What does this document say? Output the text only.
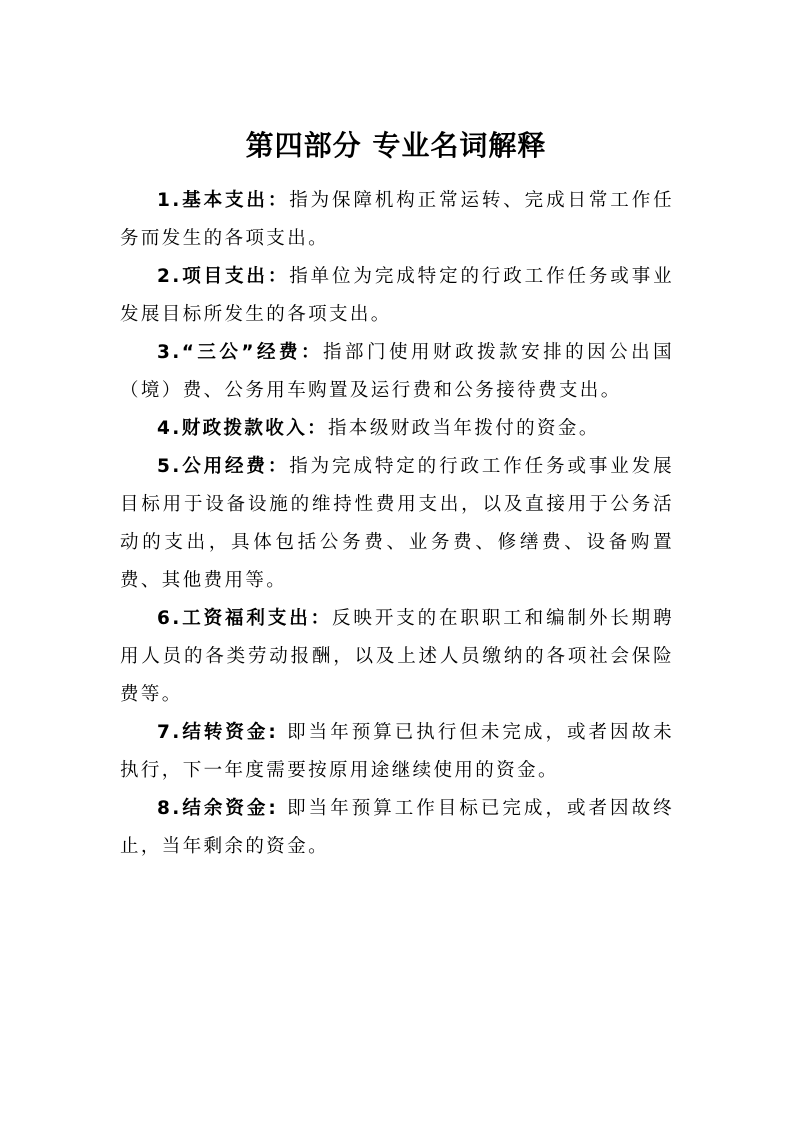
第四部分 专业名词解释

1.基本支出：指为保障机构正常运转、完成日常工作任务而发生的各项支出。

2.项目支出：指单位为完成特定的行政工作任务或事业发展目标所发生的各项支出。

3.“三公”经费：指部门使用财政拨款安排的因公出国（境）费、公务用车购置及运行费和公务接待费支出。

4.财政拨款收入：指本级财政当年拨付的资金。

5.公用经费：指为完成特定的行政工作任务或事业发展目标用于设备设施的维持性费用支出，以及直接用于公务活动的支出，具体包括公务费、业务费、修缮费、设备购置费、其他费用等。

6.工资福利支出：反映开支的在职职工和编制外长期聘用人员的各类劳动报酬，以及上述人员缴纳的各项社会保险费等。

7.结转资金: 即当年预算已执行但未完成，或者因故未执行，下一年度需要按原用途继续使用的资金。

8.结余资金: 即当年预算工作目标已完成，或者因故终止，当年剩余的资金。
